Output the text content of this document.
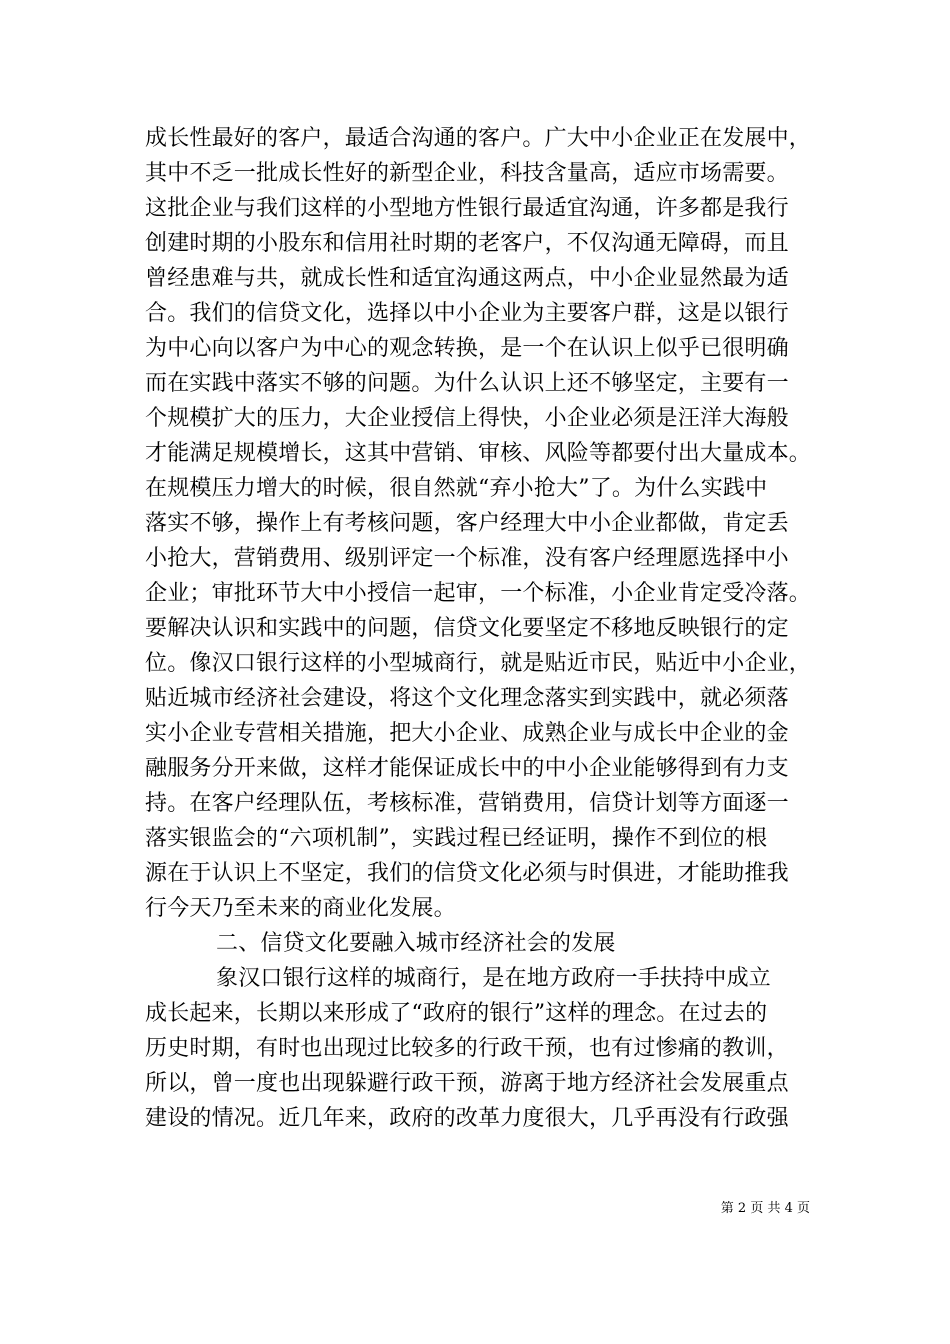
成长性最好的客户，最适合沟通的客户。广大中小企业正在发展中，
其中不乏一批成长性好的新型企业，科技含量高，适应市场需要。
这批企业与我们这样的小型地方性银行最适宜沟通，许多都是我行
创建时期的小股东和信用社时期的老客户，不仅沟通无障碍，而且
曾经患难与共，就成长性和适宜沟通这两点，中小企业显然最为适
合。我们的信贷文化，选择以中小企业为主要客户群，这是以银行
为中心向以客户为中心的观念转换，是一个在认识上似乎已很明确
而在实践中落实不够的问题。为什么认识上还不够坚定，主要有一
个规模扩大的压力，大企业授信上得快，小企业必须是汪洋大海般
才能满足规模增长，这其中营销、审核、风险等都要付出大量成本。
在规模压力增大的时候，很自然就“弃小抢大”了。为什么实践中
落实不够，操作上有考核问题，客户经理大中小企业都做，肯定丢
小抢大，营销费用、级别评定一个标准，没有客户经理愿选择中小
企业；审批环节大中小授信一起审，一个标准，小企业肯定受冷落。
要解决认识和实践中的问题，信贷文化要坚定不移地反映银行的定
位。像汉口银行这样的小型城商行，就是贴近市民，贴近中小企业，
贴近城市经济社会建设，将这个文化理念落实到实践中，就必须落
实小企业专营相关措施，把大小企业、成熟企业与成长中企业的金
融服务分开来做，这样才能保证成长中的中小企业能够得到有力支
持。在客户经理队伍，考核标准，营销费用，信贷计划等方面逐一
落实银监会的“六项机制”，实践过程已经证明，操作不到位的根
源在于认识上不坚定，我们的信贷文化必须与时俱进，才能助推我
行今天乃至未来的商业化发展。
二、信贷文化要融入城市经济社会的发展
象汉口银行这样的城商行，是在地方政府一手扶持中成立
成长起来，长期以来形成了“政府的银行”这样的理念。在过去的
历史时期，有时也出现过比较多的行政干预，也有过惨痛的教训，
所以，曾一度也出现躲避行政干预，游离于地方经济社会发展重点
建设的情况。近几年来，政府的改革力度很大，几乎再没有行政强
第 2 页 共 4 页
